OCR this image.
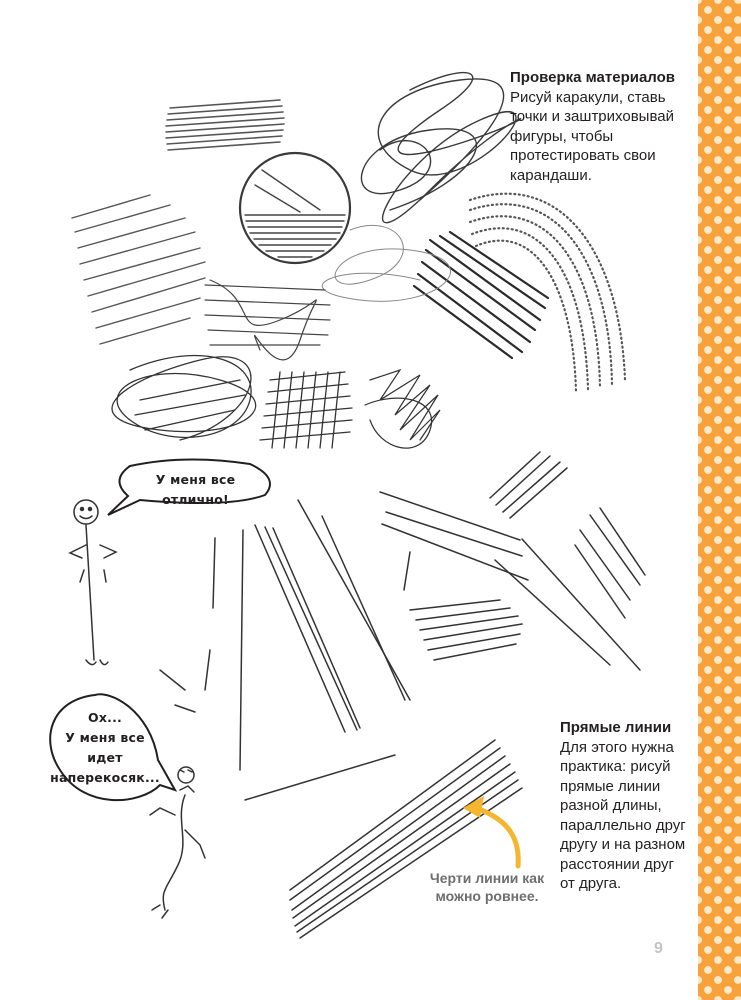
Проверка материалов

Рисуй каракули, ставь

точки и заштриховывай

фигуры, чтобы

протестировать свои

карандаши.

Прямые линии

Для этого нужна

практика: рисуй

прямые линии

разной длины,

параллельно друг

другу и на разном

расстоянии друг

от друга.

У меня все отлично!
Ох...
У меня все идет
наперекосяк...
Черти линии как
можно ровнее.
9
